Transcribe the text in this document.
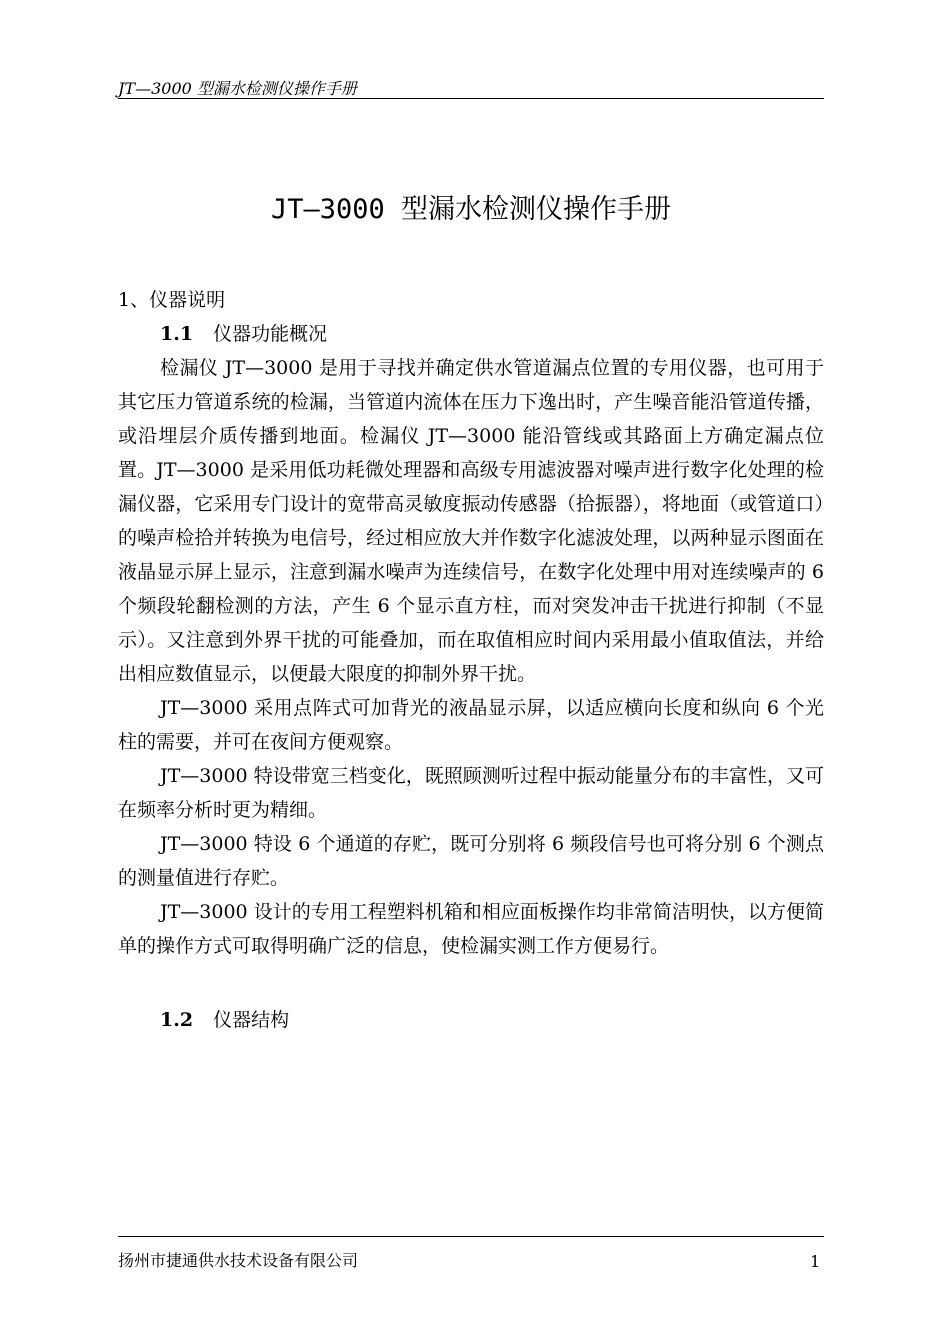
JT—3000 型漏水检测仪操作手册
JT—3000 型漏水检测仪操作手册

1、仪器说明

1.1 仪器功能概况

检漏仪 JT—3000 是用于寻找并确定供水管道漏点位置的专用仪器，也可用于其它压力管道系统的检漏，当管道内流体在压力下逸出时，产生噪音能沿管道传播，或沿埋层介质传播到地面。检漏仪 JT—3000 能沿管线或其路面上方确定漏点位置。JT—3000 是采用低功耗微处理器和高级专用滤波器对噪声进行数字化处理的检漏仪器，它采用专门设计的宽带高灵敏度振动传感器（拾振器），将地面（或管道口）的噪声检拾并转换为电信号，经过相应放大并作数字化滤波处理，以两种显示图面在液晶显示屏上显示，注意到漏水噪声为连续信号，在数字化处理中用对连续噪声的 6 个频段轮翻检测的方法，产生 6 个显示直方柱，而对突发冲击干扰进行抑制（不显示）。又注意到外界干扰的可能叠加，而在取值相应时间内采用最小值取值法，并给出相应数值显示，以便最大限度的抑制外界干扰。

JT—3000 采用点阵式可加背光的液晶显示屏，以适应横向长度和纵向 6 个光柱的需要，并可在夜间方便观察。

JT—3000 特设带宽三档变化，既照顾测听过程中振动能量分布的丰富性，又可在频率分析时更为精细。

JT—3000 特设 6 个通道的存贮，既可分别将 6 频段信号也可将分别 6 个测点的测量值进行存贮。

JT—3000 设计的专用工程塑料机箱和相应面板操作均非常简洁明快，以方便简单的操作方式可取得明确广泛的信息，使检漏实测工作方便易行。

1.2 仪器结构

扬州市捷通供水技术设备有限公司	1
